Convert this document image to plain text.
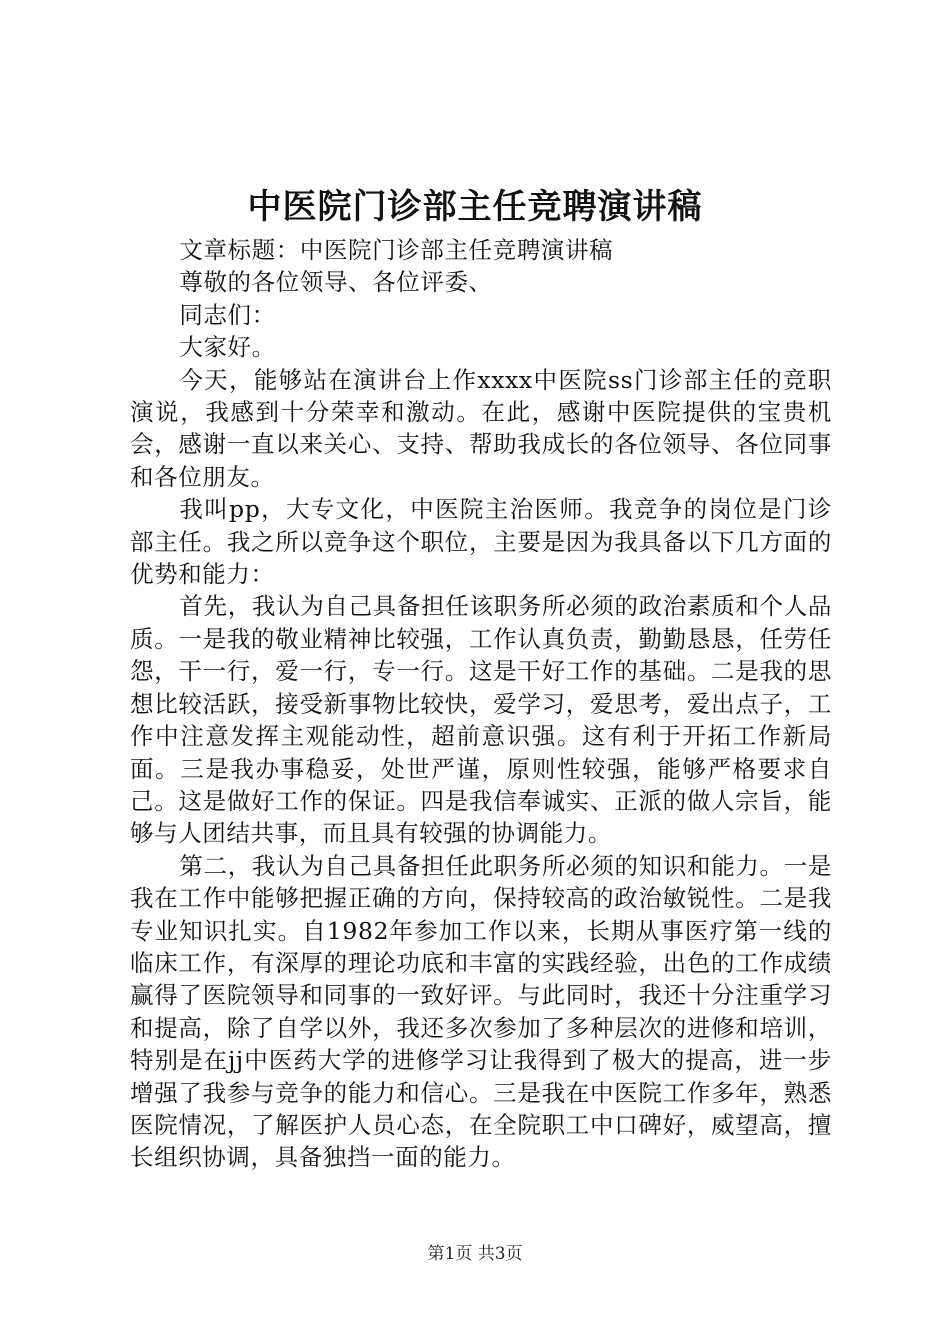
中医院门诊部主任竞聘演讲稿

文章标题：中医院门诊部主任竞聘演讲稿

尊敬的各位领导、各位评委、

同志们：

大家好。

今天，能够站在演讲台上作xxxx中医院ss门诊部主任的竞职演说，我感到十分荣幸和激动。在此，感谢中医院提供的宝贵机会，感谢一直以来关心、支持、帮助我成长的各位领导、各位同事和各位朋友。

我叫pp，大专文化，中医院主治医师。我竞争的岗位是门诊部主任。我之所以竞争这个职位，主要是因为我具备以下几方面的优势和能力：

首先，我认为自己具备担任该职务所必须的政治素质和个人品质。一是我的敬业精神比较强，工作认真负责，勤勤恳恳，任劳任怨，干一行，爱一行，专一行。这是干好工作的基础。二是我的思想比较活跃，接受新事物比较快，爱学习，爱思考，爱出点子，工作中注意发挥主观能动性，超前意识强。这有利于开拓工作新局面。三是我办事稳妥，处世严谨，原则性较强，能够严格要求自己。这是做好工作的保证。四是我信奉诚实、正派的做人宗旨，能够与人团结共事，而且具有较强的协调能力。

第二，我认为自己具备担任此职务所必须的知识和能力。一是我在工作中能够把握正确的方向，保持较高的政治敏锐性。二是我专业知识扎实。自1982年参加工作以来，长期从事医疗第一线的临床工作，有深厚的理论功底和丰富的实践经验，出色的工作成绩赢得了医院领导和同事的一致好评。与此同时，我还十分注重学习和提高，除了自学以外，我还多次参加了多种层次的进修和培训，特别是在jj中医药大学的进修学习让我得到了极大的提高，进一步增强了我参与竞争的能力和信心。三是我在中医院工作多年，熟悉医院情况，了解医护人员心态，在全院职工中口碑好，威望高，擅长组织协调，具备独挡一面的能力。

第1页 共3页
